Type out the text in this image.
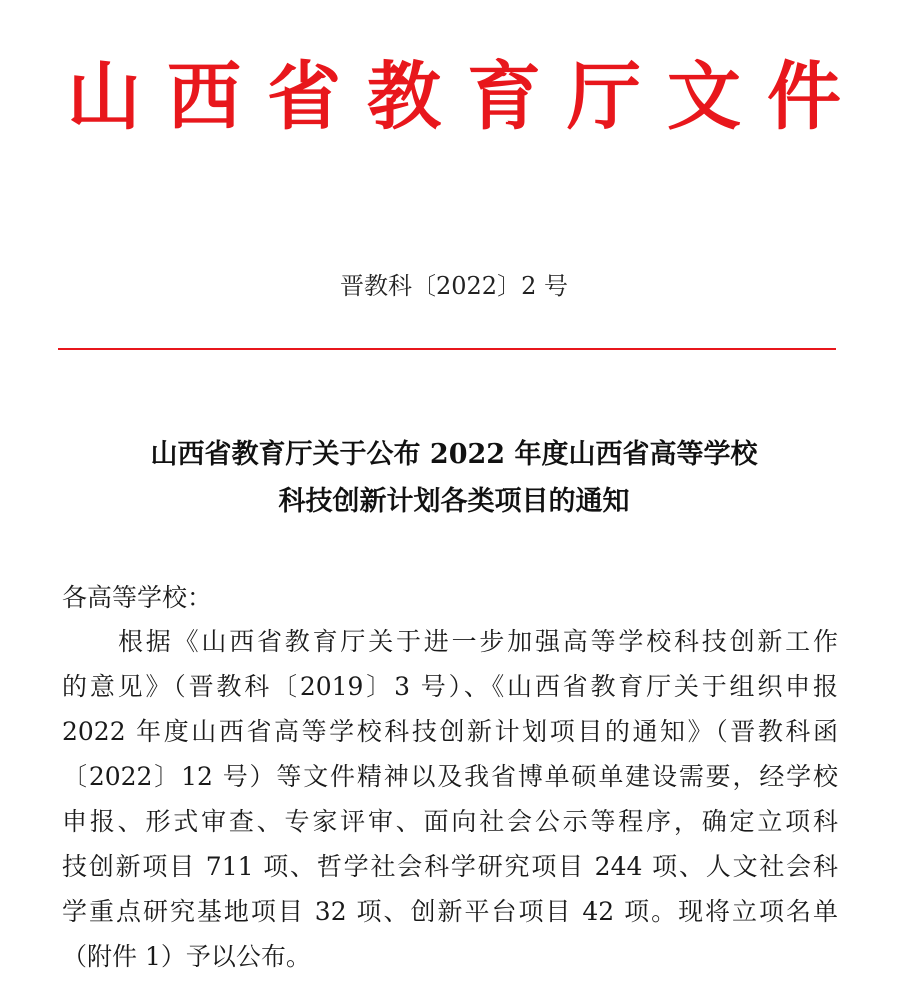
山西省教育厅文件
晋教科〔2022〕2 号
山西省教育厅关于公布 2022 年度山西省高等学校
科技创新计划各类项目的通知
各高等学校：
根据《山西省教育厅关于进一步加强高等学校科技创新工作
的意见》（晋教科〔2019〕3 号）、《山西省教育厅关于组织申报
2022 年度山西省高等学校科技创新计划项目的通知》（晋教科函
〔2022〕12 号）等文件精神以及我省博单硕单建设需要，经学校
申报、形式审查、专家评审、面向社会公示等程序，确定立项科
技创新项目 711 项、哲学社会科学研究项目 244 项、人文社会科
学重点研究基地项目 32 项、创新平台项目 42 项。现将立项名单
（附件 1）予以公布。
